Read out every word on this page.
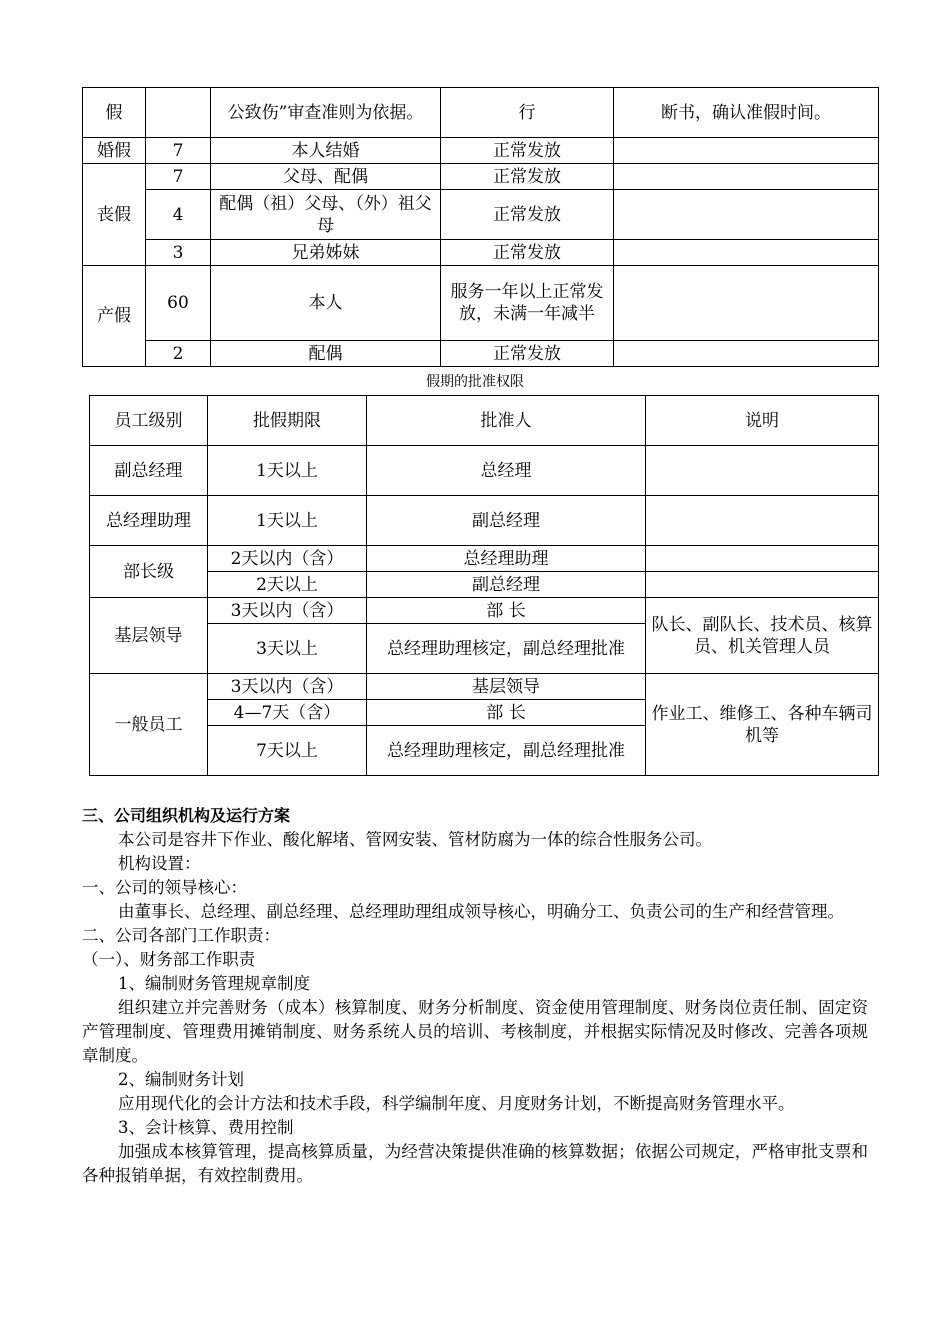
假		公致伤”审查准则为依据。	行	断书，确认准假时间。
婚假	7	本人结婚	正常发放	
丧假	7	父母、配偶	正常发放	
	4	配偶（祖）父母、（外）祖父母	正常发放	
	3	兄弟姊妹	正常发放	
产假	60	本人	服务一年以上正常发放，未满一年减半	
	2	配偶	正常发放	
假期的批准权限
员工级别	批假期限	批准人	说明
副总经理	1天以上	总经理	
总经理助理	1天以上	副总经理	
部长级	2天以内（含）	总经理助理	
	2天以上	副总经理	
基层领导	3天以内（含）	部 长	队长、副队长、技术员、核算员、机关管理人员
	3天以上	总经理助理核定，副总经理批准	
一般员工	3天以内（含）	基层领导	作业工、维修工、各种车辆司机等
	4—7天（含）	部 长	
	7天以上	总经理助理核定，副总经理批准	

三、公司组织机构及运行方案

本公司是容井下作业、酸化解堵、管网安装、管材防腐为一体的综合性服务公司。

机构设置：

一、公司的领导核心：

由董事长、总经理、副总经理、总经理助理组成领导核心，明确分工、负责公司的生产和经营管理。

二、公司各部门工作职责：

（一）、财务部工作职责

1、编制财务管理规章制度

组织建立并完善财务（成本）核算制度、财务分析制度、资金使用管理制度、财务岗位责任制、固定资产管理制度、管理费用摊销制度、财务系统人员的培训、考核制度，并根据实际情况及时修改、完善各项规章制度。

2、编制财务计划

应用现代化的会计方法和技术手段，科学编制年度、月度财务计划，不断提高财务管理水平。

3、会计核算、费用控制

加强成本核算管理，提高核算质量，为经营决策提供准确的核算数据；依据公司规定，严格审批支票和各种报销单据，有效控制费用。
